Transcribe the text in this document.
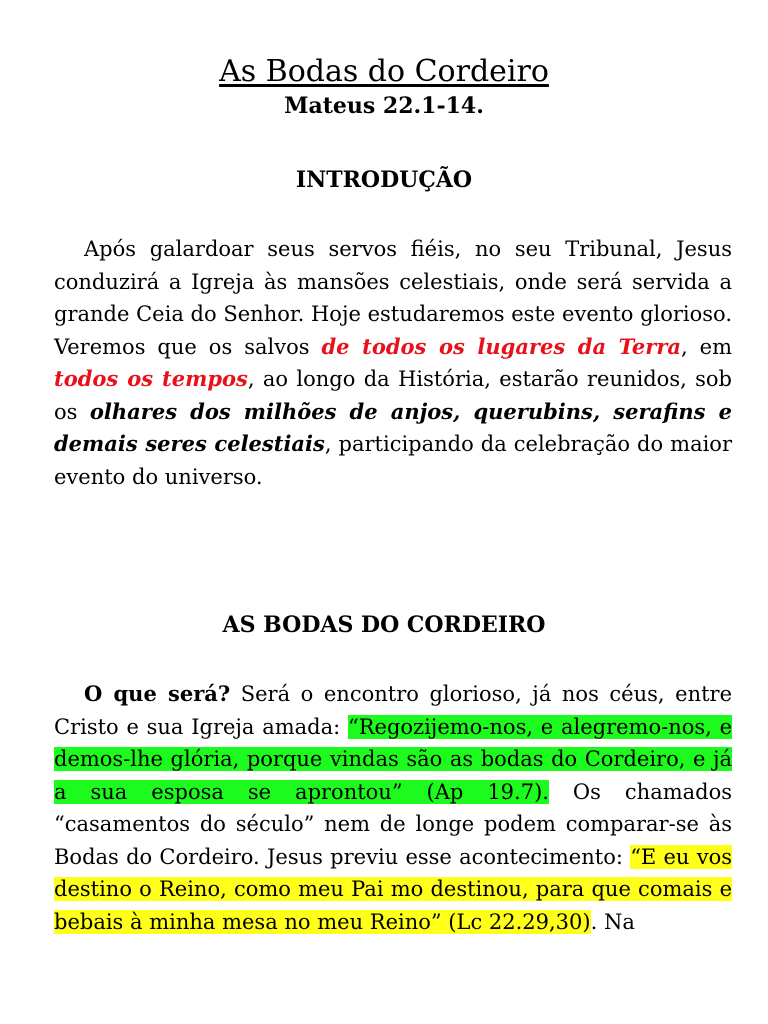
As Bodas do Cordeiro
Mateus 22.1-14.
INTRODUÇÃO

Após galardoar seus servos fiéis, no seu Tribunal, Jesus conduzirá a Igreja às mansões celestiais, onde será servida a grande Ceia do Senhor. Hoje estudaremos este evento glorioso. Veremos que os salvos de todos os lugares da Terra, em todos os tempos, ao longo da História, estarão reunidos, sob os olhares dos milhões de anjos, querubins, serafins e demais seres celestiais, participando da celebração do maior evento do universo.

AS BODAS DO CORDEIRO

O que será? Será o encontro glorioso, já nos céus, entre Cristo e sua Igreja amada: “Regozijemo-nos, e alegremo-nos, e demos-lhe glória, porque vindas são as bodas do Cordeiro, e já a sua esposa se aprontou” (Ap 19.7). Os chamados “casamentos do século” nem de longe podem comparar-se às Bodas do Cordeiro. Jesus previu esse acontecimento: “E eu vos destino o Reino, como meu Pai mo destinou, para que comais e bebais à minha mesa no meu Reino” (Lc 22.29,30). Na
